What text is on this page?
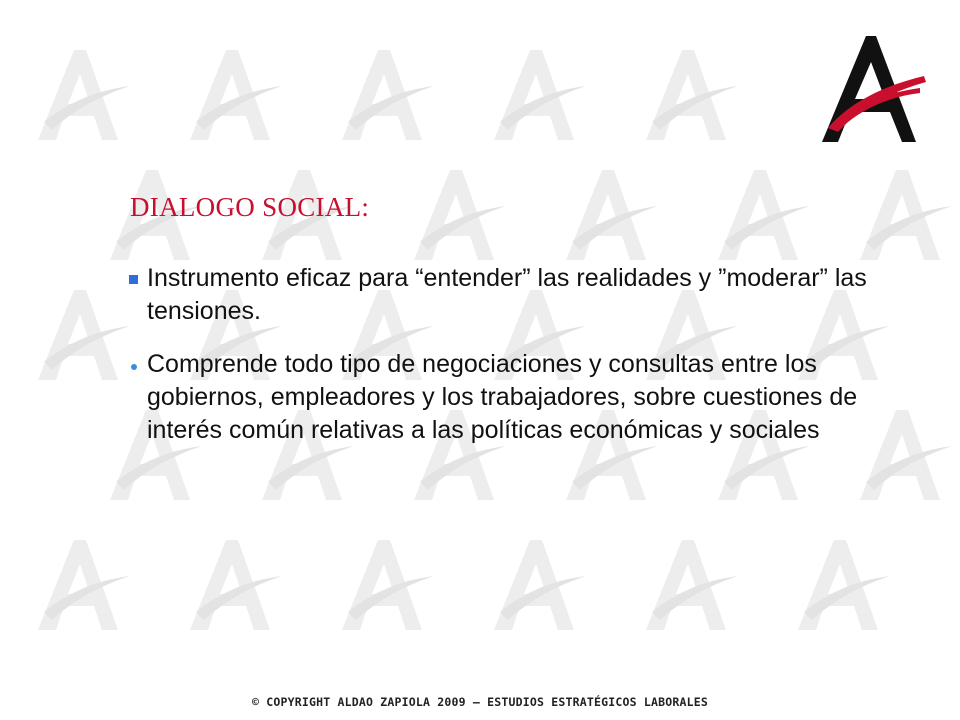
DIALOGO SOCIAL:
Instrumento eficaz para “entender” las realidades y ”moderar” las tensiones.
Comprende todo tipo de negociaciones y consultas entre los gobiernos, empleadores y los trabajadores, sobre cuestiones de interés común relativas a las políticas económicas y sociales
© COPYRIGHT ALDAO ZAPIOLA 2009 – ESTUDIOS ESTRATÉGICOS LABORALES
